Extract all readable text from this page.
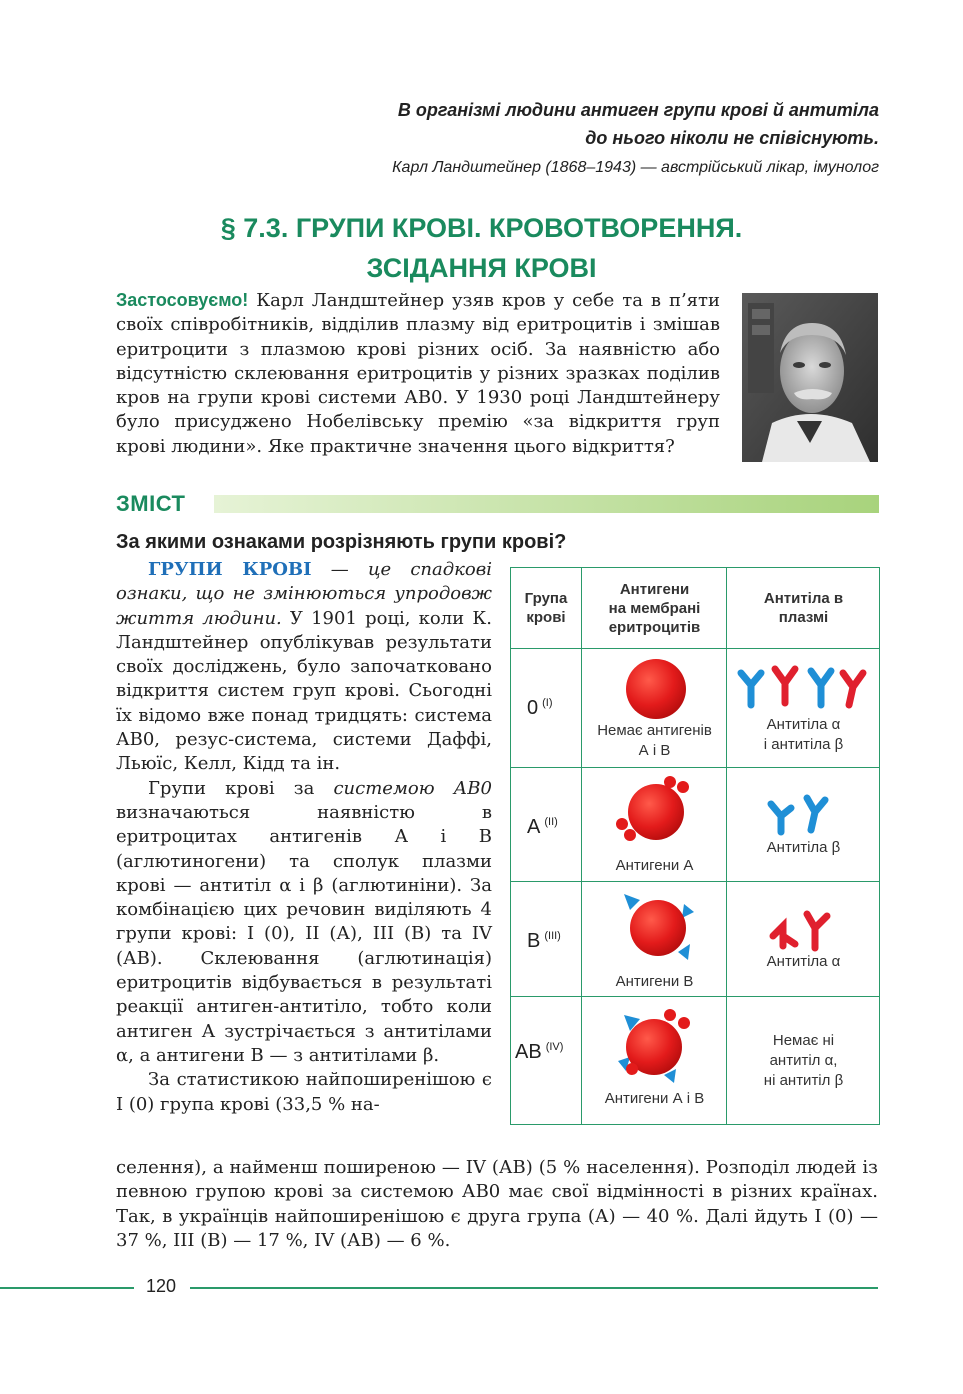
В організмі людини антиген групи крові й антитіла
до нього ніколи не співіснують.
Карл Ландштейнер (1868–1943) — австрійський лікар, імунолог
§ 7.3. ГРУПИ КРОВІ. КРОВОТВОРЕННЯ.
ЗСІДАННЯ КРОВІ
Застосовуємо! Карл Ландштейнер узяв кров у себе та в п’яти своїх співробітників, відділив плазму від еритроцитів і змішав еритроцити з плазмою крові різних осіб. За наявністю або відсутністю склеювання еритроцитів у різних зразках поділив кров на групи крові системи АВ0. У 1930 році Ландштейнеру було присуджено Нобелівську премію «за відкриття груп крові людини». Яке практичне значення цього відкриття?
ЗМІСТ
За якими ознаками розрізняють групи крові?

ГРУПИ КРОВІ — це спадкові ознаки, що не змінюються упродовж життя людини. У 1901 році, коли К. Ландштейнер опублікував результати своїх досліджень, було започатковано відкриття систем груп крові. Сьогодні їх відомо вже понад тридцять: система АВ0, резус-система, системи Даффі, Льюїс, Келл, Кідд та ін.

Групи крові за системою АВ0 визначаються наявністю в еритроцитах антигенів А і В (аглютиногени) та сполук плазми крові — антитіл α і β (аглютиніни). За комбінацією цих речовин виділяють 4 групи крові: І (0), ІІ (А), ІІІ (В) та IV (АВ). Склеювання (аглютинація) еритроцитів відбувається в результаті реакції антиген-антитіло, тобто коли антиген А зустрічається з антитілами α, а антигени В — з антитілами β.

За статистикою найпоширенішою є І (0) група крові (33,5 % на-

селення), а найменш поширеною — IV (АВ) (5 % населення). Розподіл людей із певною групою крові за системою АВ0 має свої відмінності в різних країнах. Так, в українців найпоширенішою є друга група (А) — 40 %. Далі йдуть І (0) — 37 %, ІІІ (В) — 17 %, IV (АВ) — 6 %.
Група
крові
Антигени
на мембрані
еритроцитів
Антитіла в
плазмі
0 $^{(I)}$
Немає антигенів
А і В
Антитіла α
і антитіла β
A $^{(II)}$
Антигени А
Антитіла β
B $^{(III)}$
Антигени В
Антитіла α
AB $^{(IV)}$
Антигени А і В
Немає ні
антитіл α,
ні антитіл β
120
